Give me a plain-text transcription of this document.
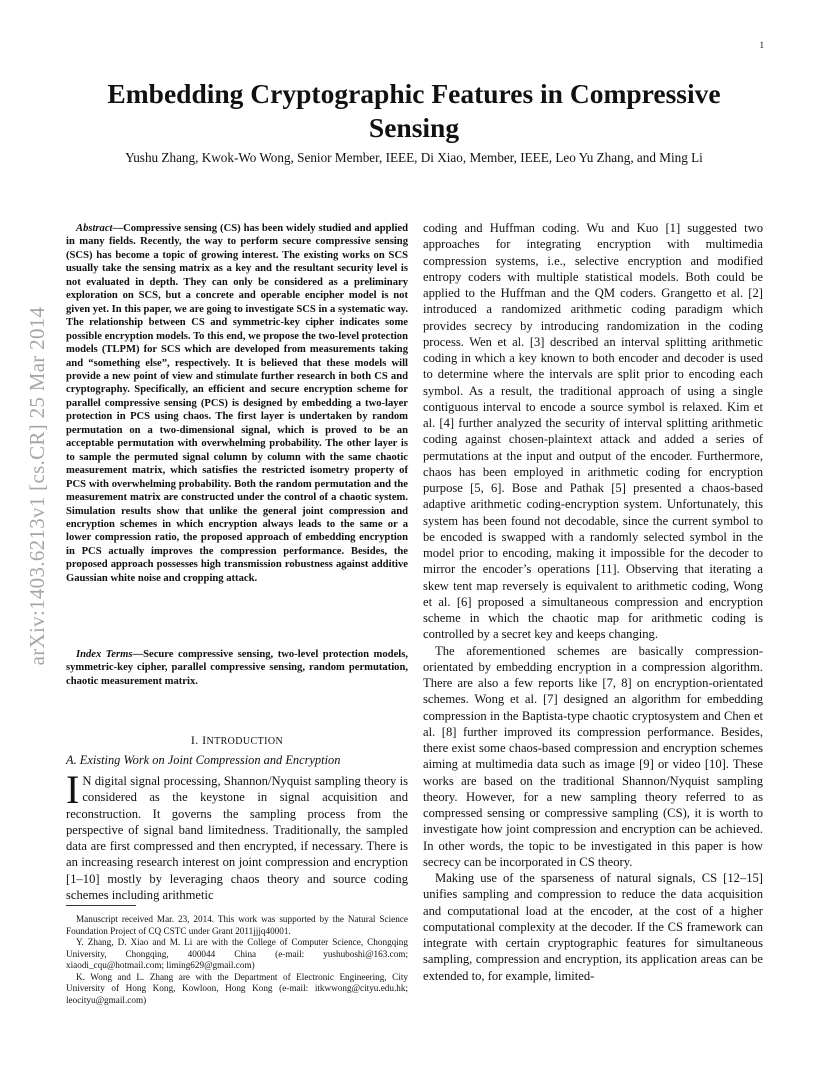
1
arXiv:1403.6213v1 [cs.CR] 25 Mar 2014
Embedding Cryptographic Features in Compressive Sensing
Yushu Zhang, Kwok-Wo Wong, Senior Member, IEEE, Di Xiao, Member, IEEE, Leo Yu Zhang, and Ming Li
Abstract—Compressive sensing (CS) has been widely studied and applied in many fields. Recently, the way to perform secure compressive sensing (SCS) has become a topic of growing interest. The existing works on SCS usually take the sensing matrix as a key and the resultant security level is not evaluated in depth. They can only be considered as a preliminary exploration on SCS, but a concrete and operable encipher model is not given yet. In this paper, we are going to investigate SCS in a systematic way. The relationship between CS and symmetric-key cipher indicates some possible encryption models. To this end, we propose the two-level protection models (TLPM) for SCS which are developed from measurements taking and “something else”, respectively. It is believed that these models will provide a new point of view and stimulate further research in both CS and cryptography. Specifically, an efficient and secure encryption scheme for parallel compressive sensing (PCS) is designed by embedding a two-layer protection in PCS using chaos. The first layer is undertaken by random permutation on a two-dimensional signal, which is proved to be an acceptable permutation with overwhelming probability. The other layer is to sample the permuted signal column by column with the same chaotic measurement matrix, which satisfies the restricted isometry property of PCS with overwhelming probability. Both the random permutation and the measurement matrix are constructed under the control of a chaotic system. Simulation results show that unlike the general joint compression and encryption schemes in which encryption always leads to the same or a lower compression ratio, the proposed approach of embedding encryption in PCS actually improves the compression performance. Besides, the proposed approach possesses high transmission robustness against additive Gaussian white noise and cropping attack.
Index Terms—Secure compressive sensing, two-level protection models, symmetric-key cipher, parallel compressive sensing, random permutation, chaotic measurement matrix.
I. INTRODUCTION
A. Existing Work on Joint Compression and Encryption
I N digital signal processing, Shannon/Nyquist sampling theory is considered as the keystone in signal acquisition and reconstruction. It governs the sampling process from the perspective of signal band limitedness. Traditionally, the sampled data are first compressed and then encrypted, if necessary. There is an increasing research interest on joint compression and encryption [1–10] mostly by leveraging chaos theory and source coding schemes including arithmetic

Manuscript received Mar. 23, 2014. This work was supported by the Natural Science Foundation Project of CQ CSTC under Grant 2011jjjq40001.

Y. Zhang, D. Xiao and M. Li are with the College of Computer Science, Chongqing University, Chongqing, 400044 China (e-mail: yushuboshi@163.com; xiaodi_cqu@hotmail.com; liming629@gmail.com)

K. Wong and L. Zhang are with the Department of Electronic Engineering, City University of Hong Kong, Kowloon, Hong Kong (e-mail: itkwwong@cityu.edu.hk; leocityu@gmail.com)

coding and Huffman coding. Wu and Kuo [1] suggested two approaches for integrating encryption with multimedia compression systems, i.e., selective encryption and modified entropy coders with multiple statistical models. Both could be applied to the Huffman and the QM coders. Grangetto et al. [2] introduced a randomized arithmetic coding paradigm which provides secrecy by introducing randomization in the coding process. Wen et al. [3] described an interval splitting arithmetic coding in which a key known to both encoder and decoder is used to determine where the intervals are split prior to encoding each symbol. As a result, the traditional approach of using a single contiguous interval to encode a source symbol is relaxed. Kim et al. [4] further analyzed the security of interval splitting arithmetic coding against chosen-plaintext attack and added a series of permutations at the input and output of the encoder. Furthermore, chaos has been employed in arithmetic coding for encryption purpose [5, 6]. Bose and Pathak [5] presented a chaos-based adaptive arithmetic coding-encryption system. Unfortunately, this system has been found not decodable, since the current symbol to be encoded is swapped with a randomly selected symbol in the model prior to encoding, making it impossible for the decoder to mirror the encoder’s operations [11]. Observing that iterating a skew tent map reversely is equivalent to arithmetic coding, Wong et al. [6] proposed a simultaneous compression and encryption scheme in which the chaotic map for arithmetic coding is controlled by a secret key and keeps changing.

The aforementioned schemes are basically compression-orientated by embedding encryption in a compression algorithm. There are also a few reports like [7, 8] on encryption-orientated schemes. Wong et al. [7] designed an algorithm for embedding compression in the Baptista-type chaotic cryptosystem and Chen et al. [8] further improved its compression performance. Besides, there exist some chaos-based compression and encryption schemes aiming at multimedia data such as image [9] or video [10]. These works are based on the traditional Shannon/Nyquist sampling theory. However, for a new sampling theory referred to as compressed sensing or compressive sampling (CS), it is worth to investigate how joint compression and encryption can be achieved. In other words, the topic to be investigated in this paper is how secrecy can be incorporated in CS theory.

Making use of the sparseness of natural signals, CS [12–15] unifies sampling and compression to reduce the data acquisition and computational load at the encoder, at the cost of a higher computational complexity at the decoder. If the CS framework can integrate with certain cryptographic features for simultaneous sampling, compression and encryption, its application areas can be extended to, for example, limited-
